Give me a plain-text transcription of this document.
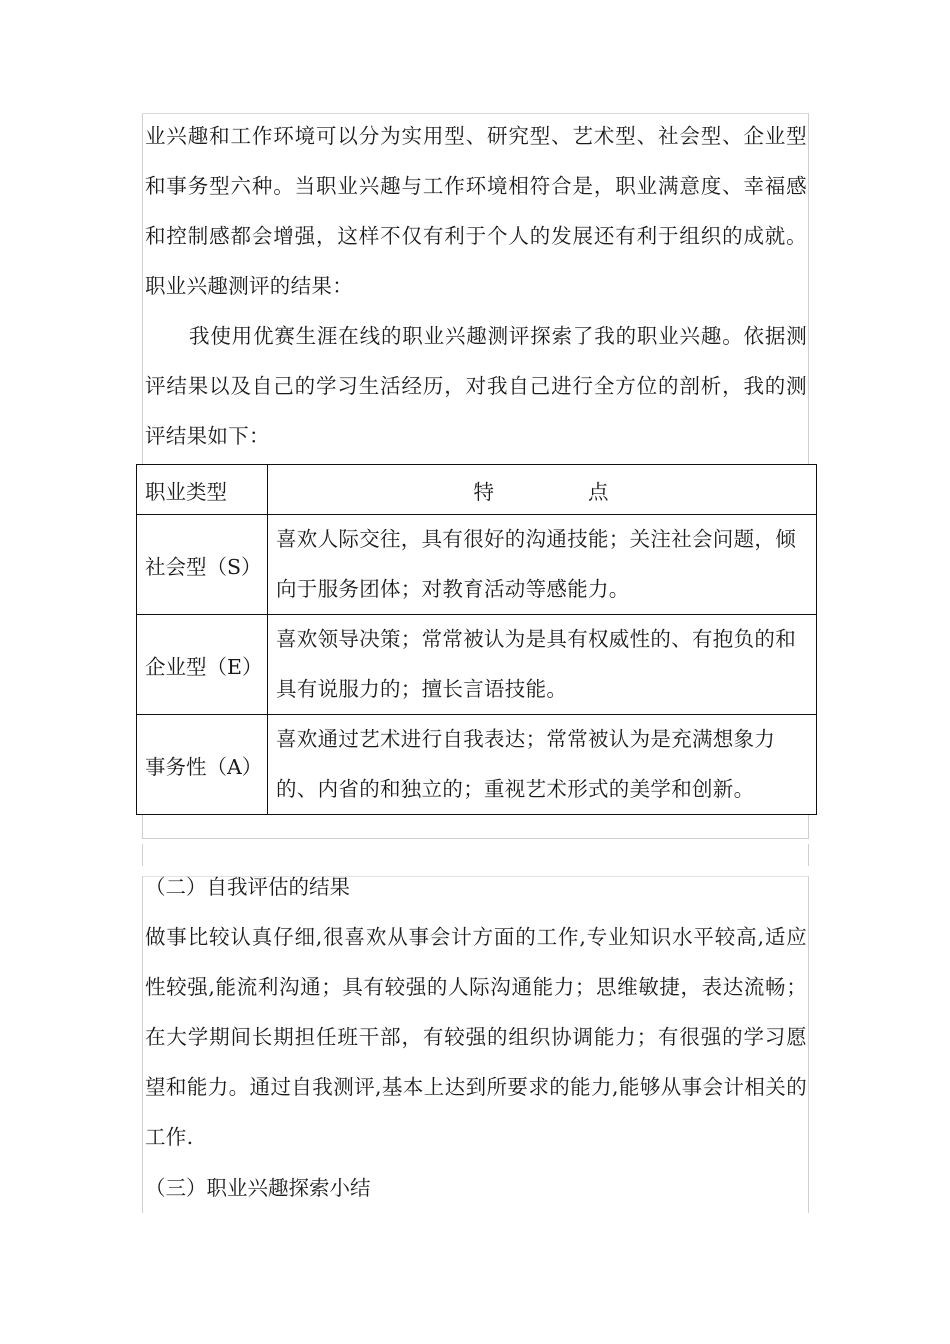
业兴趣和工作环境可以分为实用型、研究型、艺术型、社会型、企业型和事务型六种。当职业兴趣与工作环境相符合是，职业满意度、幸福感和控制感都会增强，这样不仅有利于个人的发展还有利于组织的成就。职业兴趣测评的结果：

我使用优赛生涯在线的职业兴趣测评探索了我的职业兴趣。依据测评结果以及自己的学习生活经历，对我自己进行全方位的剖析，我的测评结果如下：

职业类型	特 点
社会型（S）	喜欢人际交往，具有很好的沟通技能；关注社会问题，倾向于服务团体；对教育活动等感能力。

企业型（E）	喜欢领导决策；常常被认为是具有权威性的、有抱负的和具有说服力的；擅长言语技能。

事务性（A）	喜欢通过艺术进行自我表达；常常被认为是充满想象力的、内省的和独立的；重视艺术形式的美学和创新。

（二）自我评估的结果

做事比较认真仔细,很喜欢从事会计方面的工作,专业知识水平较高,适应性较强,能流利沟通；具有较强的人际沟通能力；思维敏捷，表达流畅；在大学期间长期担任班干部，有较强的组织协调能力；有很强的学习愿望和能力。通过自我测评,基本上达到所要求的能力,能够从事会计相关的工作.

（三）职业兴趣探索小结
